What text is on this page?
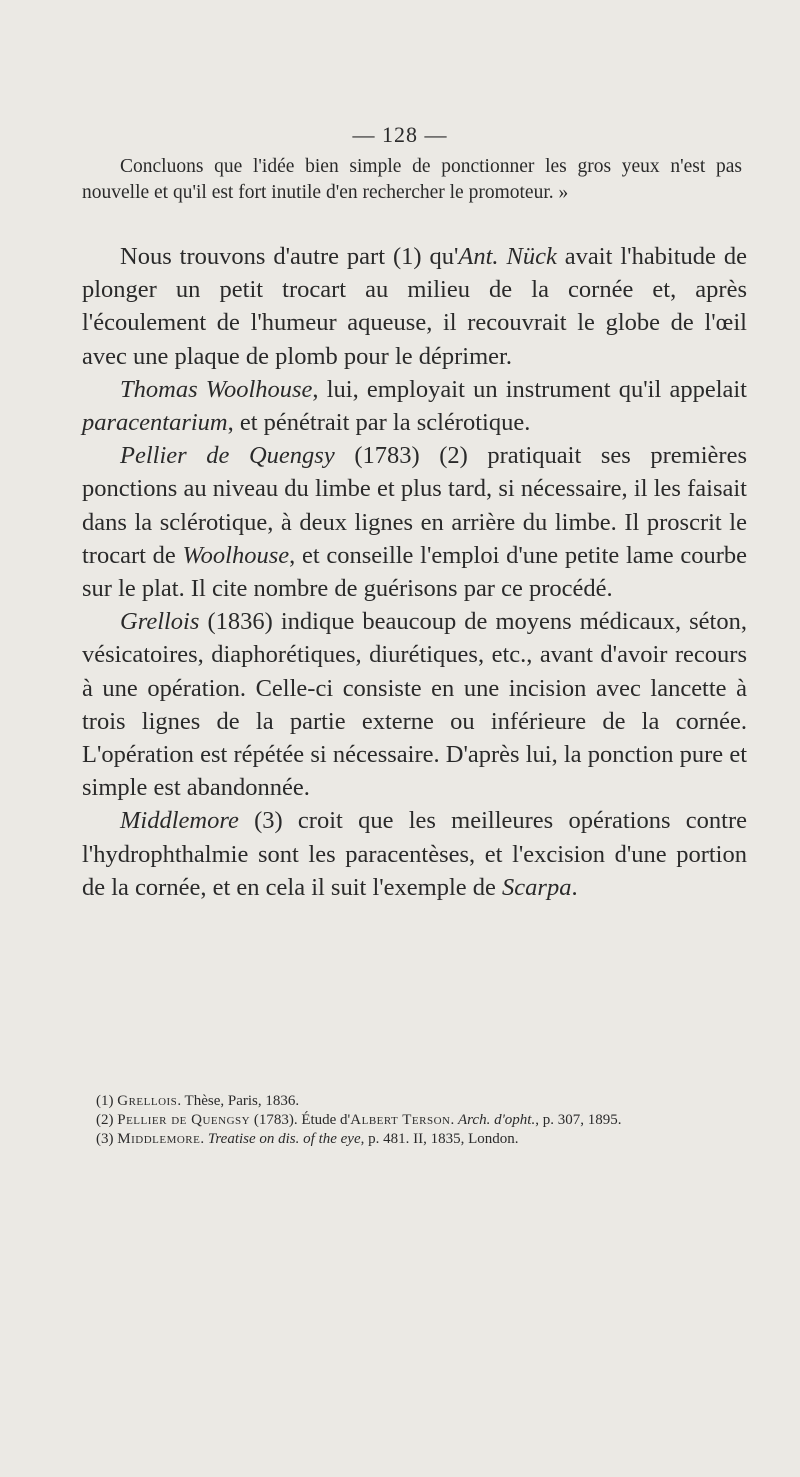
— 128 —

Concluons que l'idée bien simple de ponctionner les gros yeux n'est pas nouvelle et qu'il est fort inutile d'en rechercher le promoteur. »

Nous trouvons d'autre part (1) qu'Ant. Nück avait l'habitude de plonger un petit trocart au milieu de la cornée et, après l'écoulement de l'humeur aqueuse, il recouvrait le globe de l'œil avec une plaque de plomb pour le déprimer.

Thomas Woolhouse, lui, employait un instrument qu'il appelait paracentarium, et pénétrait par la sclérotique.

Pellier de Quengsy (1783) (2) pratiquait ses premières ponctions au niveau du limbe et plus tard, si nécessaire, il les faisait dans la sclérotique, à deux lignes en arrière du limbe. Il proscrit le trocart de Woolhouse, et conseille l'emploi d'une petite lame courbe sur le plat. Il cite nombre de guérisons par ce procédé.

Grellois (1836) indique beaucoup de moyens médicaux, séton, vésicatoires, diaphorétiques, diurétiques, etc., avant d'avoir recours à une opération. Celle-ci consiste en une incision avec lancette à trois lignes de la partie externe ou inférieure de la cornée. L'opération est répétée si nécessaire. D'après lui, la ponction pure et simple est abandonnée.

Middlemore (3) croit que les meilleures opérations contre l'hydrophthalmie sont les paracentèses, et l'excision d'une portion de la cornée, et en cela il suit l'exemple de Scarpa.

(1) Grellois. Thèse, Paris, 1836.

(2) Pellier de Quengsy (1783). Étude d'Albert Terson. Arch. d'opht., p. 307, 1895.

(3) Middlemore. Treatise on dis. of the eye, p. 481. II, 1835, London.
